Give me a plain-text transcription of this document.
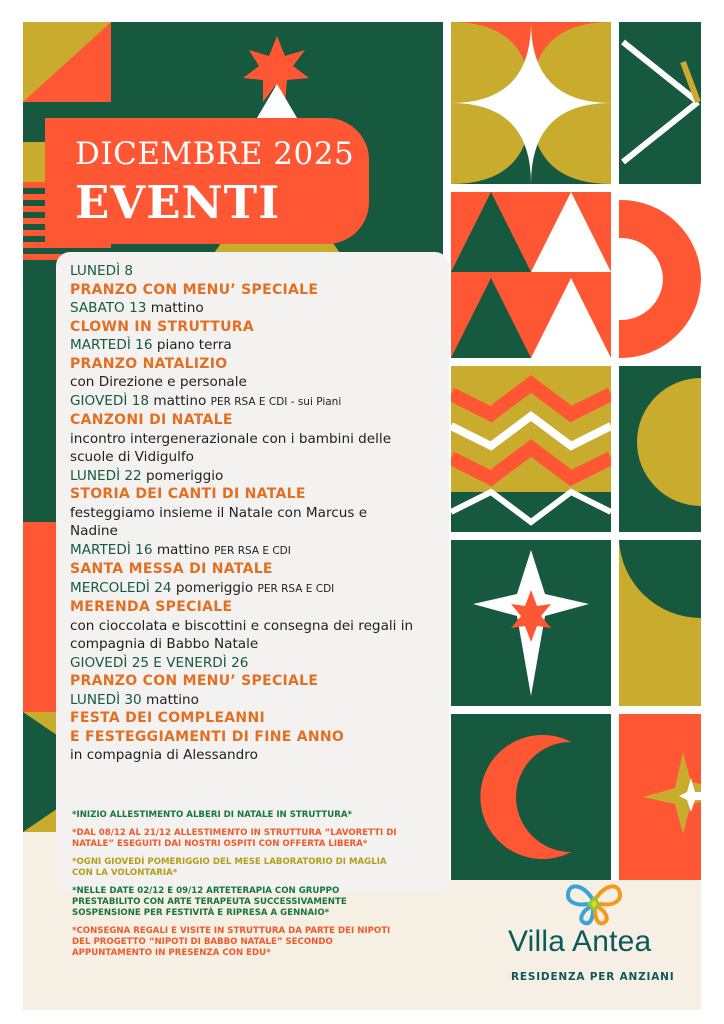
DICEMBRE 2025
EVENTI
LUNEDÌ 8
PRANZO CON MENU’ SPECIALE
SABATO 13 mattino
CLOWN IN STRUTTURA
MARTEDÌ 16 piano terra
PRANZO NATALIZIO
con Direzione e personale
GIOVEDÌ 18 mattino PER RSA E CDI - sui Piani
CANZONI DI NATALE
incontro intergenerazionale con i bambini delle scuole di Vidigulfo
LUNEDÌ 22 pomeriggio
STORIA DEI CANTI DI NATALE
festeggiamo insieme il Natale con Marcus e Nadine
MARTEDÌ 16 mattino PER RSA E CDI
SANTA MESSA DI NATALE
MERCOLEDÌ 24 pomeriggio PER RSA E CDI
MERENDA SPECIALE
con cioccolata e biscottini e consegna dei regali in compagnia di Babbo Natale
GIOVEDÌ 25 E VENERDÌ 26
PRANZO CON MENU’ SPECIALE
LUNEDÌ 30 mattino
FESTA DEI COMPLEANNI
E FESTEGGIAMENTI DI FINE ANNO
in compagnia di Alessandro
*INIZIO ALLESTIMENTO ALBERI DI NATALE IN STRUTTURA*
*DAL 08/12 AL 21/12 ALLESTIMENTO IN STRUTTURA “LAVORETTI DI NATALE” ESEGUITI DAI NOSTRI OSPITI CON OFFERTA LIBERA*
*OGNI GIOVEDÌ POMERIGGIO DEL MESE LABORATORIO DI MAGLIA CON LA VOLONTARIA*
*NELLE DATE 02/12 E 09/12 ARTETERAPIA CON GRUPPO PRESTABILITO CON ARTE TERAPEUTA SUCCESSIVAMENTE SOSPENSIONE PER FESTIVITÀ E RIPRESA A GENNAIO*
*CONSEGNA REGALI E VISITE IN STRUTTURA DA PARTE DEI NIPOTI DEL PROGETTO “NIPOTI DI BABBO NATALE” SECONDO APPUNTAMENTO IN PRESENZA CON EDU*	Villa Antea
RESIDENZA PER ANZIANI
